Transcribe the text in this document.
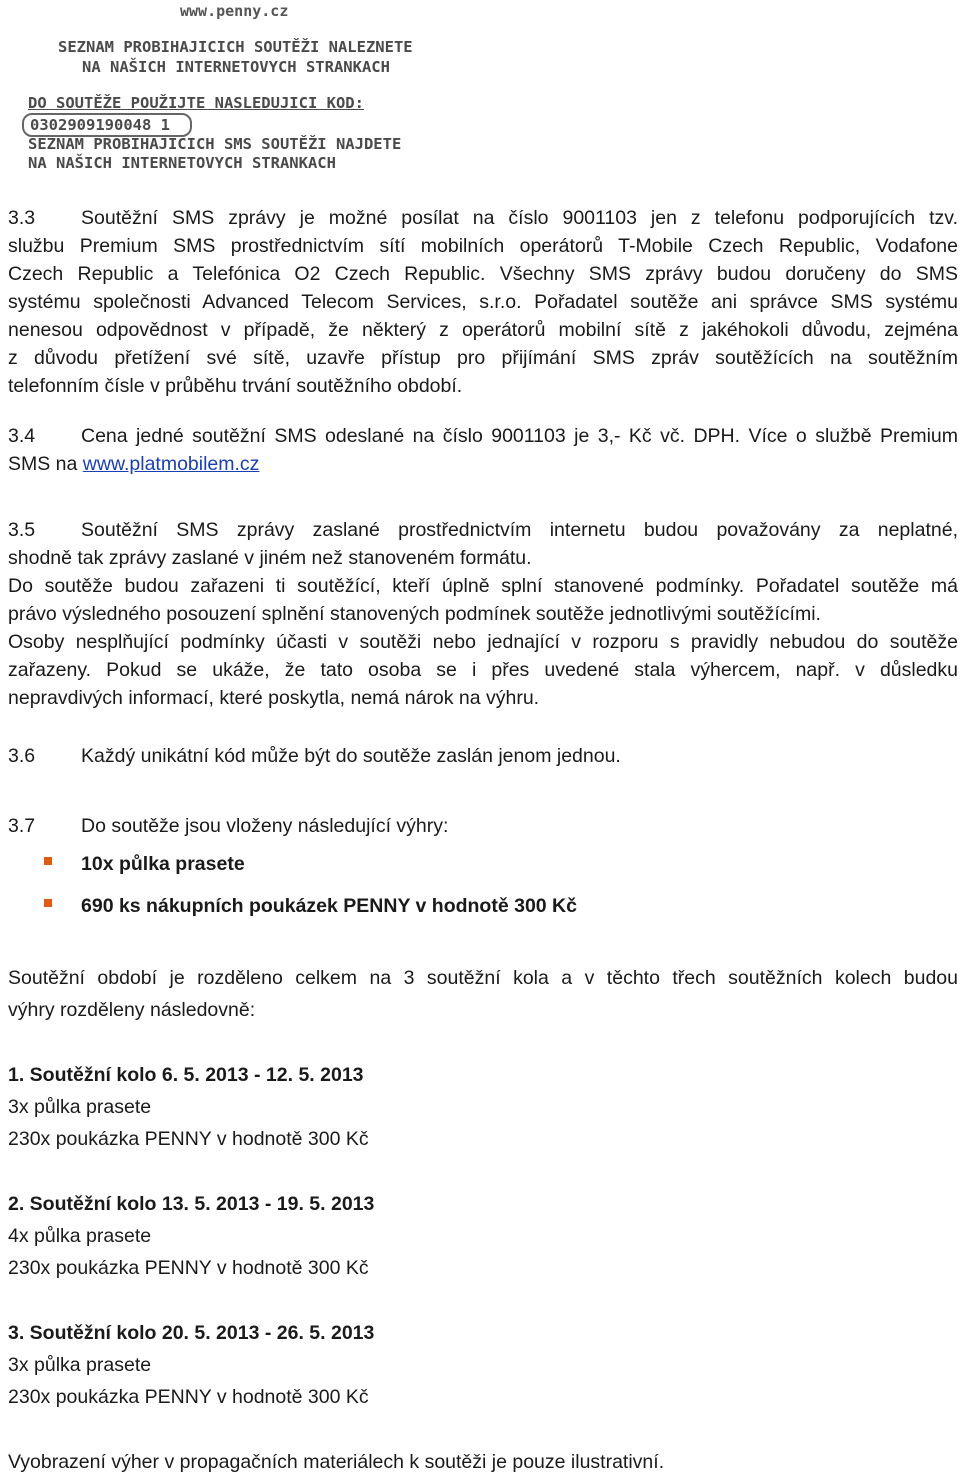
www.penny.cz
SEZNAM PROBIHAJICICH SOUTĚŽI NALEZNETE
NA NAŠICH INTERNETOVYCH STRANKACH
DO SOUTĚŽE POUŽIJTE NASLEDUJICI KOD:
0302909190048 1
SEZNAM PROBIHAJICICH SMS SOUTĚŽI NAJDETE
NA NAŠICH INTERNETOVYCH STRANKACH
3.3 Soutěžní SMS zprávy je možné posílat na číslo 9001103 jen z telefonu podporujících tzv.
službu Premium SMS prostřednictvím sítí mobilních operátorů T-Mobile Czech Republic, Vodafone
Czech Republic a Telefónica O2 Czech Republic. Všechny SMS zprávy budou doručeny do SMS
systému společnosti Advanced Telecom Services, s.r.o. Pořadatel soutěže ani správce SMS systému
nenesou odpovědnost v případě, že některý z operátorů mobilní sítě z jakéhokoli důvodu, zejména
z důvodu přetížení své sítě, uzavře přístup pro přijímání SMS zpráv soutěžících na soutěžním
telefonním čísle v průběhu trvání soutěžního období.
3.4 Cena jedné soutěžní SMS odeslané na číslo 9001103 je 3,- Kč vč. DPH. Více o službě Premium
SMS na www.platmobilem.cz
3.5 Soutěžní SMS zprávy zaslané prostřednictvím internetu budou považovány za neplatné,
shodně tak zprávy zaslané v jiném než stanoveném formátu.
Do soutěže budou zařazeni ti soutěžící, kteří úplně splní stanovené podmínky. Pořadatel soutěže má
právo výsledného posouzení splnění stanovených podmínek soutěže jednotlivými soutěžícími.
Osoby nesplňující podmínky účasti v soutěži nebo jednající v rozporu s pravidly nebudou do soutěže
zařazeny. Pokud se ukáže, že tato osoba se i přes uvedené stala výhercem, např. v důsledku
nepravdivých informací, které poskytla, nemá nárok na výhru.
3.6 Každý unikátní kód může být do soutěže zaslán jenom jednou.
3.7 Do soutěže jsou vloženy následující výhry:
10x půlka prasete
690 ks nákupních poukázek PENNY v hodnotě 300 Kč
Soutěžní období je rozděleno celkem na 3 soutěžní kola a v těchto třech soutěžních kolech budou
výhry rozděleny následovně:
1. Soutěžní kolo 6. 5. 2013 - 12. 5. 2013
3x půlka prasete
230x poukázka PENNY v hodnotě 300 Kč
2. Soutěžní kolo 13. 5. 2013 - 19. 5. 2013
4x půlka prasete
230x poukázka PENNY v hodnotě 300 Kč
3. Soutěžní kolo 20. 5. 2013 - 26. 5. 2013
3x půlka prasete
230x poukázka PENNY v hodnotě 300 Kč
Vyobrazení výher v propagačních materiálech k soutěži je pouze ilustrativní.
